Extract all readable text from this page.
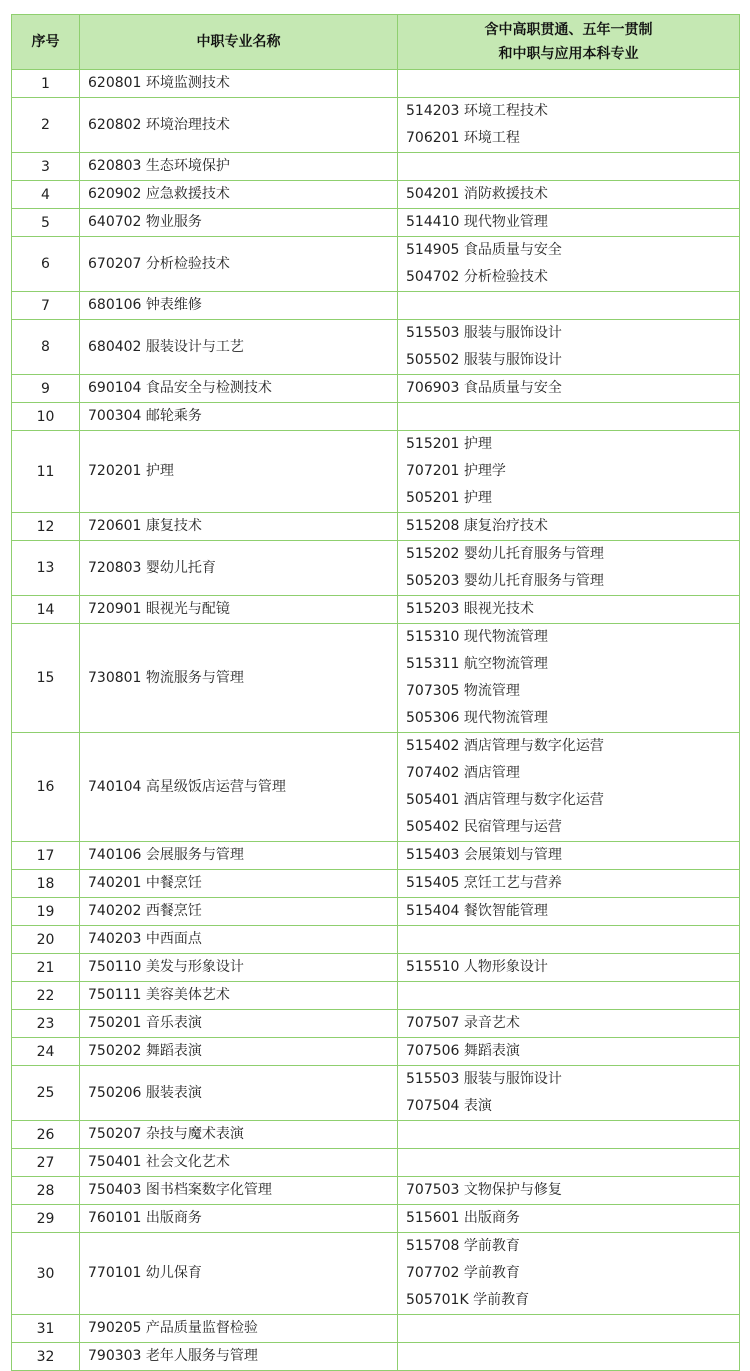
序号	中职专业名称	含中高职贯通、五年一贯制
和中职与应用本科专业

1	620801 环境监测技术	
2	620802 环境治理技术	514203 环境工程技术
706201 环境工程

3	620803 生态环境保护	
4	620902 应急救援技术	504201 消防救援技术

5	640702 物业服务	514410 现代物业管理

6	670207 分析检验技术	514905 食品质量与安全
504702 分析检验技术

7	680106 钟表维修	
8	680402 服装设计与工艺	515503 服装与服饰设计
505502 服装与服饰设计

9	690104 食品安全与检测技术	706903 食品质量与安全

10	700304 邮轮乘务	
11	720201 护理	515201 护理
707201 护理学
505201 护理

12	720601 康复技术	515208 康复治疗技术

13	720803 婴幼儿托育	515202 婴幼儿托育服务与管理
505203 婴幼儿托育服务与管理

14	720901 眼视光与配镜	515203 眼视光技术

15	730801 物流服务与管理	515310 现代物流管理
515311 航空物流管理
707305 物流管理
505306 现代物流管理

16	740104 高星级饭店运营与管理	515402 酒店管理与数字化运营
707402 酒店管理
505401 酒店管理与数字化运营
505402 民宿管理与运营

17	740106 会展服务与管理	515403 会展策划与管理

18	740201 中餐烹饪	515405 烹饪工艺与营养

19	740202 西餐烹饪	515404 餐饮智能管理

20	740203 中西面点	
21	750110 美发与形象设计	515510 人物形象设计

22	750111 美容美体艺术	
23	750201 音乐表演	707507 录音艺术

24	750202 舞蹈表演	707506 舞蹈表演

25	750206 服装表演	515503 服装与服饰设计
707504 表演

26	750207 杂技与魔术表演	
27	750401 社会文化艺术	
28	750403 图书档案数字化管理	707503 文物保护与修复

29	760101 出版商务	515601 出版商务

30	770101 幼儿保育	515708 学前教育
707702 学前教育
505701K 学前教育

31	790205 产品质量监督检验	
32	790303 老年人服务与管理	
